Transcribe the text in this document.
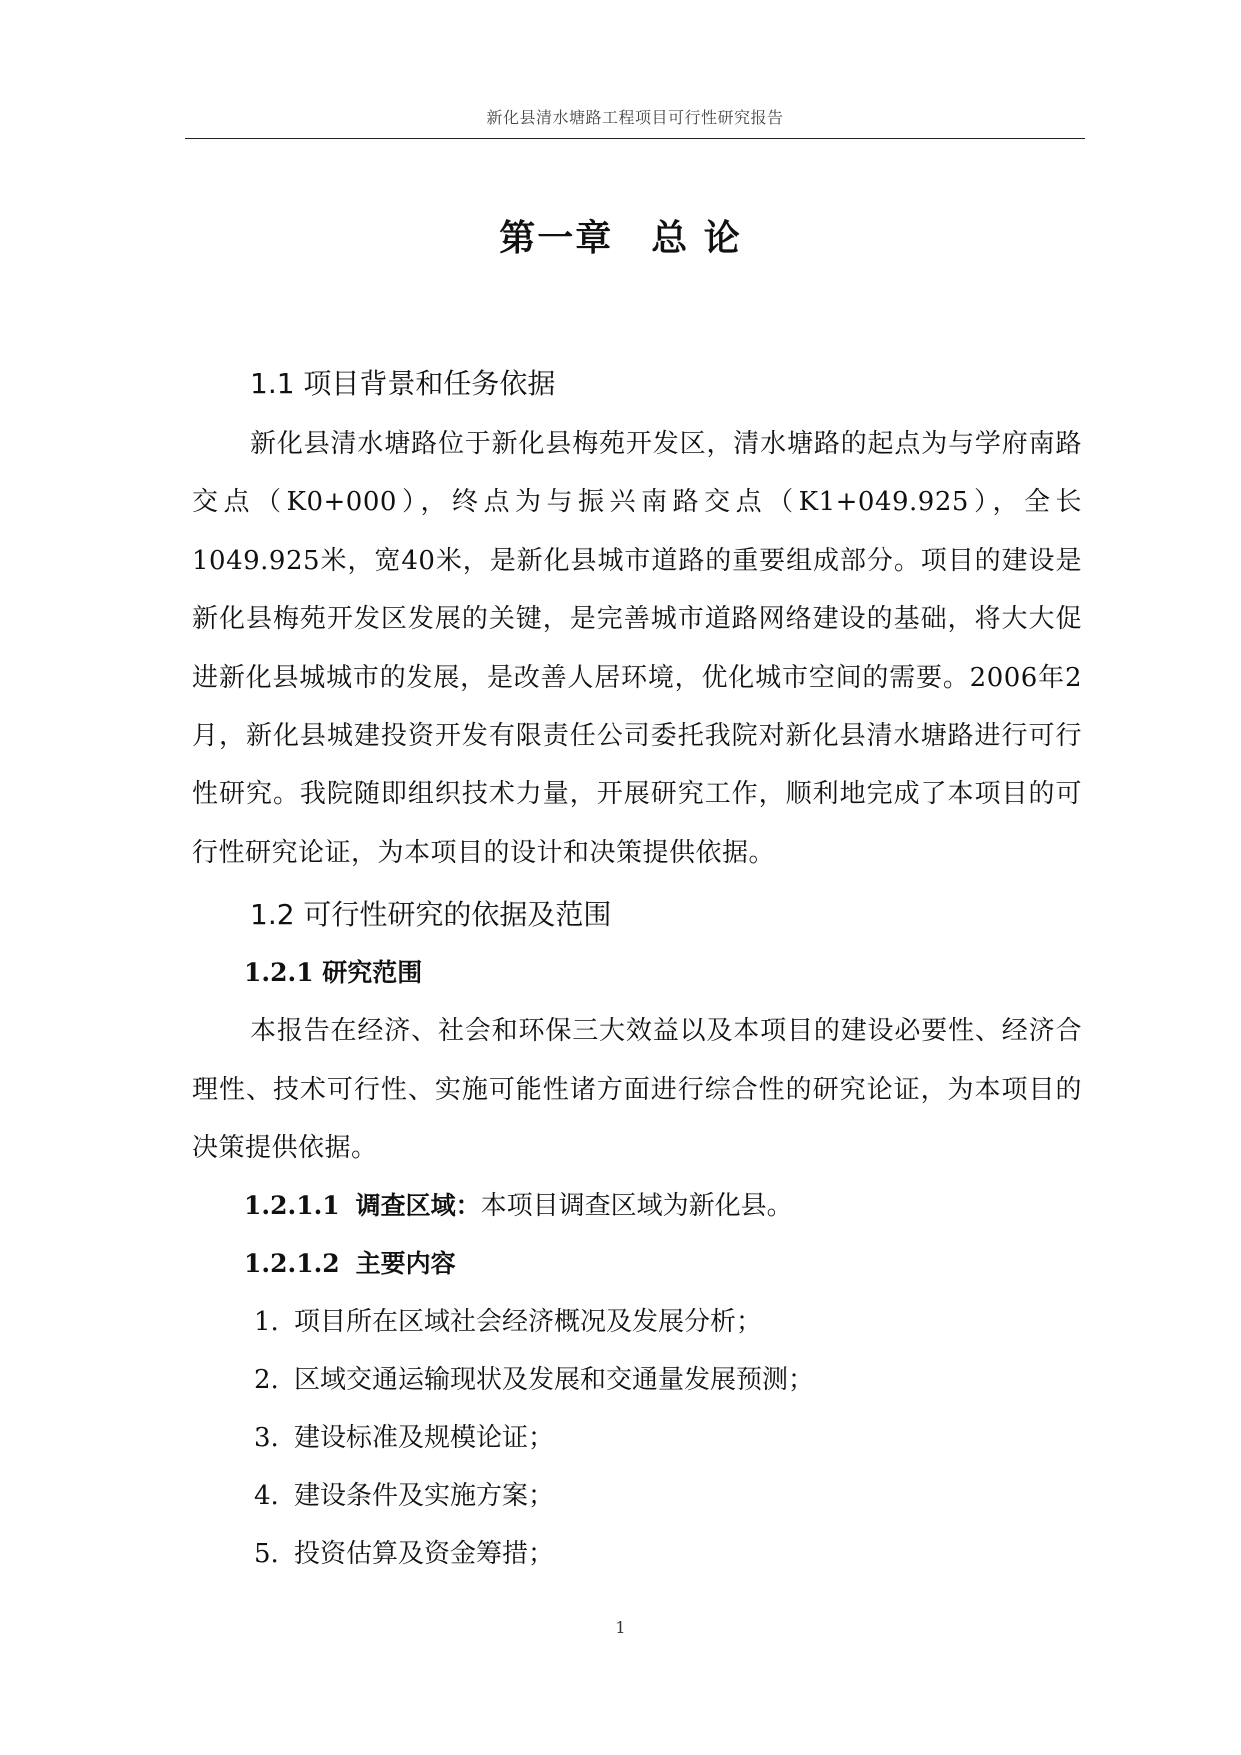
新化县清水塘路工程项目可行性研究报告
第一章　总 论

1.1 项目背景和任务依据

新化县清水塘路位于新化县梅苑开发区，清水塘路的起点为与学府南路交点（K0+000），终点为与振兴南路交点（K1+049.925），全长1049.925米，宽40米，是新化县城市道路的重要组成部分。项目的建设是新化县梅苑开发区发展的关键，是完善城市道路网络建设的基础，将大大促进新化县城城市的发展，是改善人居环境，优化城市空间的需要。2006年2月，新化县城建投资开发有限责任公司委托我院对新化县清水塘路进行可行性研究。我院随即组织技术力量，开展研究工作，顺利地完成了本项目的可行性研究论证，为本项目的设计和决策提供依据。

1.2 可行性研究的依据及范围

1.2.1 研究范围

本报告在经济、社会和环保三大效益以及本项目的建设必要性、经济合理性、技术可行性、实施可能性诸方面进行综合性的研究论证，为本项目的决策提供依据。

1.2.1.1 调查区域：本项目调查区域为新化县。

1.2.1.2 主要内容

1. 项目所在区域社会经济概况及发展分析；

2. 区域交通运输现状及发展和交通量发展预测；

3. 建设标准及规模论证；

4. 建设条件及实施方案；

5. 投资估算及资金筹措；

1
